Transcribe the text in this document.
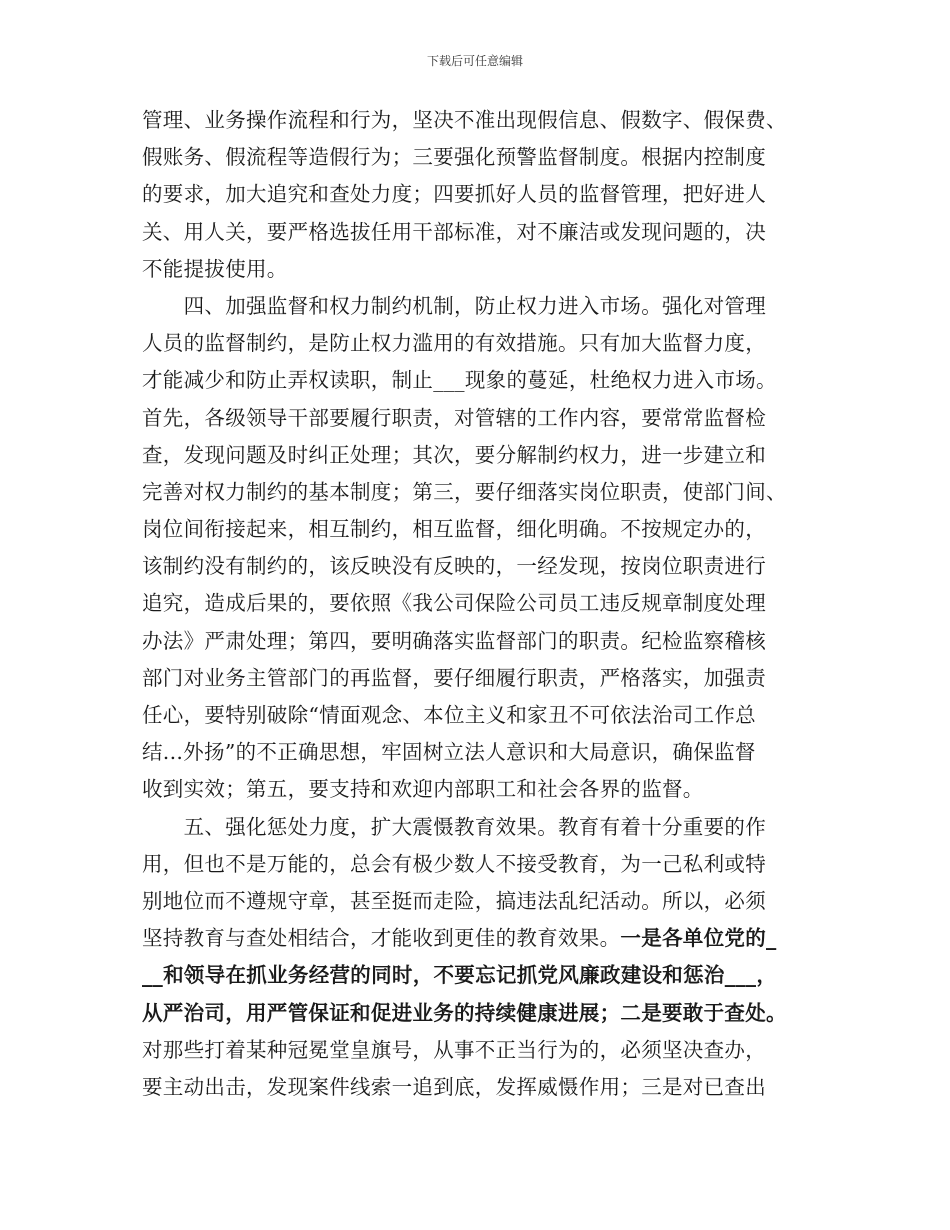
下载后可任意编辑
管理、业务操作流程和行为，坚决不准出现假信息、假数字、假保费、
假账务、假流程等造假行为；三要强化预警监督制度。根据内控制度
的要求，加大追究和查处力度；四要抓好人员的监督管理，把好进人
关、用人关，要严格选拔任用干部标准，对不廉洁或发现问题的，决
不能提拔使用。
　　四、加强监督和权力制约机制，防止权力进入市场。强化对管理
人员的监督制约，是防止权力滥用的有效措施。只有加大监督力度，
才能减少和防止弄权读职，制止___现象的蔓延，杜绝权力进入市场。
首先，各级领导干部要履行职责，对管辖的工作内容，要常常监督检
查，发现问题及时纠正处理；其次，要分解制约权力，进一步建立和
完善对权力制约的基本制度；第三，要仔细落实岗位职责，使部门间、
岗位间衔接起来，相互制约，相互监督，细化明确。不按规定办的，
该制约没有制约的，该反映没有反映的，一经发现，按岗位职责进行
追究，造成后果的，要依照《我公司保险公司员工违反规章制度处理
办法》严肃处理；第四，要明确落实监督部门的职责。纪检监察稽核
部门对业务主管部门的再监督，要仔细履行职责，严格落实，加强责
任心，要特别破除“情面观念、本位主义和家丑不可依法治司工作总
结...外扬”的不正确思想，牢固树立法人意识和大局意识，确保监督
收到实效；第五，要支持和欢迎内部职工和社会各界的监督。
　　五、强化惩处力度，扩大震慑教育效果。教育有着十分重要的作
用，但也不是万能的，总会有极少数人不接受教育，为一己私利或特
别地位而不遵规守章，甚至挺而走险，搞违法乱纪活动。所以，必须
坚持教育与查处相结合，才能收到更佳的教育效果。一是各单位党的_
__和领导在抓业务经营的同时，不要忘记抓党风廉政建设和惩治___，
从严治司，用严管保证和促进业务的持续健康进展；二是要敢于查处。
对那些打着某种冠冕堂皇旗号，从事不正当行为的，必须坚决查办，
要主动出击，发现案件线索一追到底，发挥威慑作用；三是对已查出
